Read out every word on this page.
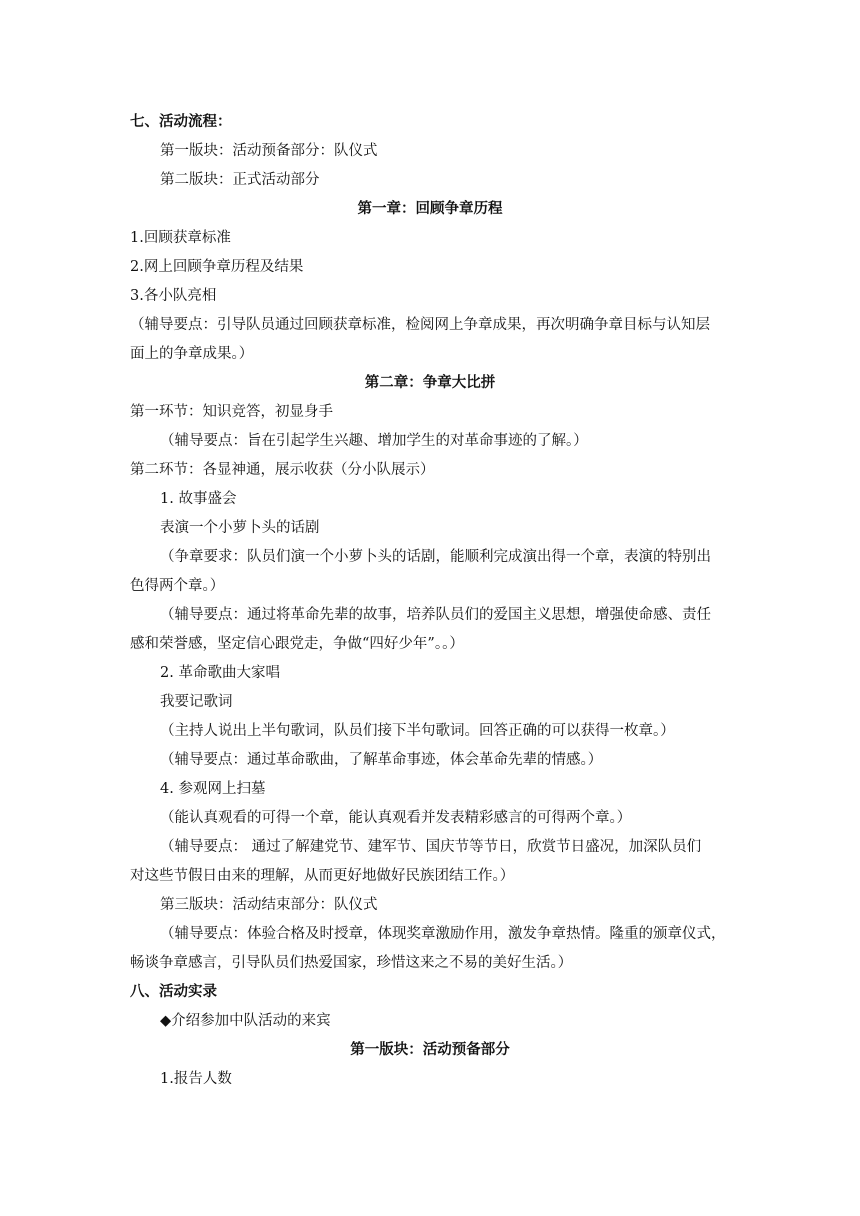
七、活动流程：
第一版块：活动预备部分：队仪式
第二版块：正式活动部分
第一章：回顾争章历程
1.回顾获章标准
2.网上回顾争章历程及结果
3.各小队亮相
（辅导要点：引导队员通过回顾获章标准，检阅网上争章成果，再次明确争章目标与认知层
面上的争章成果。）
第二章：争章大比拼
第一环节：知识竞答，初显身手
（辅导要点：旨在引起学生兴趣、增加学生的对革命事迹的了解。）
第二环节：各显神通，展示收获（分小队展示）
1. 故事盛会
表演一个小萝卜头的话剧
（争章要求：队员们演一个小萝卜头的话剧，能顺利完成演出得一个章，表演的特别出
色得两个章。）
（辅导要点：通过将革命先辈的故事，培养队员们的爱国主义思想，增强使命感、责任
感和荣誉感，坚定信心跟党走，争做“四好少年”。。）
2. 革命歌曲大家唱
我要记歌词
（主持人说出上半句歌词，队员们接下半句歌词。回答正确的可以获得一枚章。）
（辅导要点：通过革命歌曲，了解革命事迹，体会革命先辈的情感。）
4. 参观网上扫墓
（能认真观看的可得一个章，能认真观看并发表精彩感言的可得两个章。）
（辅导要点： 通过了解建党节、建军节、国庆节等节日，欣赏节日盛况，加深队员们
对这些节假日由来的理解，从而更好地做好民族团结工作。）
第三版块：活动结束部分：队仪式
（辅导要点：体验合格及时授章，体现奖章激励作用，激发争章热情。隆重的颁章仪式，
畅谈争章感言，引导队员们热爱国家，珍惜这来之不易的美好生活。）
八、活动实录
◆介绍参加中队活动的来宾
第一版块：活动预备部分
1.报告人数
